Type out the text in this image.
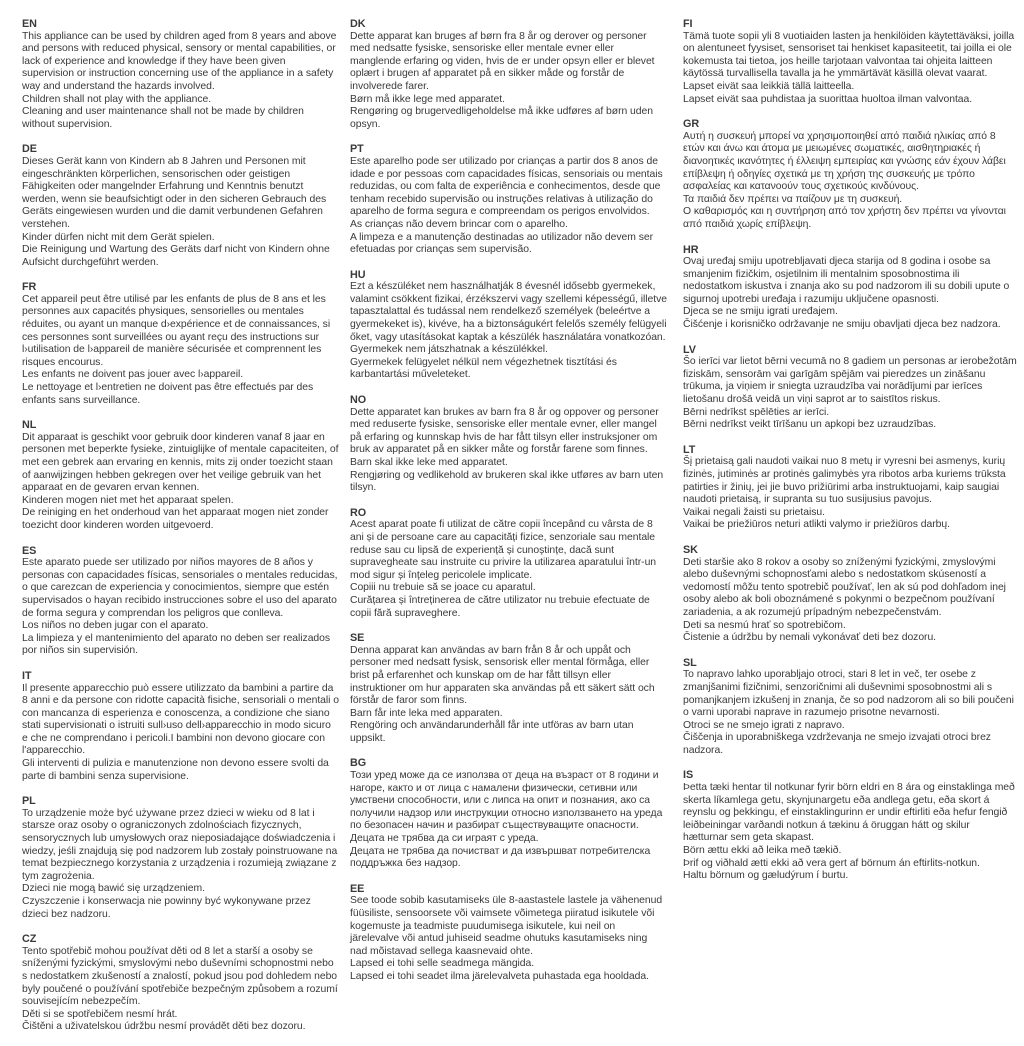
EN

This appliance can be used by children aged from 8 years and above and persons with reduced physical, sensory or mental capabilities, or lack of experience and knowledge if they have been given supervision or instruction concerning use of the appliance in a safety way and understand the hazards involved.

Children shall not play with the appliance.

Cleaning and user maintenance shall not be made by children without supervision.

DE

Dieses Gerät kann von Kindern ab 8 Jahren und Personen mit eingeschränkten körperlichen, sensorischen oder geistigen Fähigkeiten oder mangelnder Erfahrung und Kenntnis benutzt werden, wenn sie beaufsichtigt oder in den sicheren Gebrauch des Geräts eingewiesen wurden und die damit verbundenen Gefahren verstehen.

Kinder dürfen nicht mit dem Gerät spielen.

Die Reinigung und Wartung des Geräts darf nicht von Kindern ohne Aufsicht durchgeführt werden.

FR

Cet appareil peut être utilisé par les enfants de plus de 8 ans et les personnes aux capacités physiques, sensorielles ou mentales réduites, ou ayant un manque d›expérience et de connaissances, si ces personnes sont surveillées ou ayant reçu des instructions sur l›utilisation de l›appareil de manière sécurisée et comprennent les risques encourus.

Les enfants ne doivent pas jouer avec l›appareil.

Le nettoyage et l›entretien ne doivent pas être effectués par des enfants sans surveillance.

NL

Dit apparaat is geschikt voor gebruik door kinderen vanaf 8 jaar en personen met beperkte fysieke, zintuiglijke of mentale capaciteiten, of met een gebrek aan ervaring en kennis, mits zij onder toezicht staan of aanwijzingen hebben gekregen over het veilige gebruik van het apparaat en de gevaren ervan kennen.

Kinderen mogen niet met het apparaat spelen.

De reiniging en het onderhoud van het apparaat mogen niet zonder toezicht door kinderen worden uitgevoerd.

ES

Este aparato puede ser utilizado por niños mayores de 8 años y personas con capacidades físicas, sensoriales o mentales reducidas, o que carezcan de experiencia y conocimientos, siempre que estén supervisados o hayan recibido instrucciones sobre el uso del aparato de forma segura y comprendan los peligros que conlleva.

Los niños no deben jugar con el aparato.

La limpieza y el mantenimiento del aparato no deben ser realizados por niños sin supervisión.

IT

Il presente apparecchio può essere utilizzato da bambini a partire da 8 anni e da persone con ridotte capacità fisiche, sensoriali o mentali o con mancanza di esperienza e conoscenza, a condizione che siano stati supervisionati o istruiti sull›uso dell›apparecchio in modo sicuro e che ne comprendano i pericoli.I bambini non devono giocare con l'apparecchio.

Gli interventi di pulizia e manutenzione non devono essere svolti da parte di bambini senza supervisione.

PL

To urządzenie może być używane przez dzieci w wieku od 8 lat i starsze oraz osoby o ograniczonych zdolnościach fizycznych, sensorycznych lub umysłowych oraz nieposiadające doświadczenia i wiedzy, jeśli znajdują się pod nadzorem lub zostały poinstruowane na temat bezpiecznego korzystania z urządzenia i rozumieją związane z tym zagrożenia.

Dzieci nie mogą bawić się urządzeniem.

Czyszczenie i konserwacja nie powinny być wykonywane przez dzieci bez nadzoru.

CZ

Tento spotřebič mohou používat děti od 8 let a starší a osoby se sníženými fyzickými, smyslovými nebo duševními schopnostmi nebo s nedostatkem zkušeností a znalostí, pokud jsou pod dohledem nebo byly poučené o používání spotřebiče bezpečným způsobem a rozumí souvisejícím nebezpečím.

Děti si se spotřebičem nesmí hrát.

Čištěni a uživatelskou údržbu nesmí provádět děti bez dozoru.

DK

Dette apparat kan bruges af børn fra 8 år og derover og personer med nedsatte fysiske, sensoriske eller mentale evner eller manglende erfaring og viden, hvis de er under opsyn eller er blevet oplært i brugen af apparatet på en sikker måde og forstår de involverede farer.

Børn må ikke lege med apparatet.

Rengøring og brugervedligeholdelse må ikke udføres af børn uden opsyn.

PT

Este aparelho pode ser utilizado por crianças a partir dos 8 anos de idade e por pessoas com capacidades físicas, sensoriais ou mentais reduzidas, ou com falta de experiência e conhecimentos, desde que tenham recebido supervisão ou instruções relativas à utilização do aparelho de forma segura e compreendam os perigos envolvidos.

As crianças não devem brincar com o aparelho.

A limpeza e a manutenção destinadas ao utilizador não devem ser efetuadas por crianças sem supervisão.

HU

Ezt a készüléket nem használhatják 8 évesnél idősebb gyermekek, valamint csökkent fizikai, érzékszervi vagy szellemi képességű, illetve tapasztalattal és tudással nem rendelkező személyek (beleértve a gyermekeket is), kivéve, ha a biztonságukért felelős személy felügyeli őket, vagy utasításokat kaptak a készülék használatára vonatkozóan.

Gyermekek nem játszhatnak a készülékkel.

Gyermekek felügyelet nélkül nem végezhetnek tisztítási és karbantartási műveleteket.

NO

Dette apparatet kan brukes av barn fra 8 år og oppover og personer med reduserte fysiske, sensoriske eller mentale evner, eller mangel på erfaring og kunnskap hvis de har fått tilsyn eller instruksjoner om bruk av apparatet på en sikker måte og forstår farene som finnes.

Barn skal ikke leke med apparatet.

Rengjøring og vedlikehold av brukeren skal ikke utføres av barn uten tilsyn.

RO

Acest aparat poate fi utilizat de către copii începând cu vârsta de 8 ani și de persoane care au capacități fizice, senzoriale sau mentale reduse sau cu lipsă de experiență și cunoștințe, dacă sunt supravegheate sau instruite cu privire la utilizarea aparatului într-un mod sigur și înțeleg pericolele implicate.

Copiii nu trebuie să se joace cu aparatul.

Curățarea și întreținerea de către utilizator nu trebuie efectuate de copii fără supraveghere.

SE

Denna apparat kan användas av barn från 8 år och uppåt och personer med nedsatt fysisk, sensorisk eller mental förmåga, eller brist på erfarenhet och kunskap om de har fått tillsyn eller instruktioner om hur apparaten ska användas på ett säkert sätt och förstår de faror som finns.

Barn får inte leka med apparaten.

Rengöring och användarunderhåll får inte utföras av barn utan uppsikt.

BG

Този уред може да се използва от деца на възраст от 8 години и нагоре, както и от лица с намалени физически, сетивни или умствени способности, или с липса на опит и познания, ако са получили надзор или инструкции относно използването на уреда по безопасен начин и разбират съществуващите опасности.

Децата не трябва да си играят с уреда.

Децата не трябва да почистват и да извършват потребителска поддръжка без надзор.

EE

See toode sobib kasutamiseks üle 8-aastastele lastele ja vähenenud füüsiliste, sensoorsete või vaimsete võimetega piiratud isikutele või kogemuste ja teadmiste puudumisega isikutele, kui neil on järelevalve või antud juhiseid seadme ohutuks kasutamiseks ning nad mõistavad sellega kaasnevaid ohte.

Lapsed ei tohi selle seadmega mängida.

Lapsed ei tohi seadet ilma järelevalveta puhastada ega hooldada.

FI

Tämä tuote sopii yli 8 vuotiaiden lasten ja henkilöiden käytettäväksi, joilla on alentuneet fyysiset, sensoriset tai henkiset kapasiteetit, tai joilla ei ole kokemusta tai tietoa, jos heille tarjotaan valvontaa tai ohjeita laitteen käytössä turvallisella tavalla ja he ymmärtävät käsillä olevat vaarat.

Lapset eivät saa leikkiä tällä laitteella.

Lapset eivät saa puhdistaa ja suorittaa huoltoa ilman valvontaa.

GR

Αυτή η συσκευή μπορεί να χρησιμοποιηθεί από παιδιά ηλικίας από 8 ετών και άνω και άτομα με μειωμένες σωματικές, αισθητηριακές ή διανοητικές ικανότητες ή έλλειψη εμπειρίας και γνώσης εάν έχουν λάβει επίβλεψη ή οδηγίες σχετικά με τη χρήση της συσκευής με τρόπο ασφαλείας και κατανοούν τους σχετικούς κινδύνους.

Τα παιδιά δεν πρέπει να παίζουν με τη συσκευή.

Ο καθαρισμός και η συντήρηση από τον χρήστη δεν πρέπει να γίνονται από παιδιά χωρίς επίβλεψη.

HR

Ovaj uređaj smiju upotrebljavati djeca starija od 8 godina i osobe sa smanjenim fizičkim, osjetilnim ili mentalnim sposobnostima ili nedostatkom iskustva i znanja ako su pod nadzorom ili su dobili upute o sigurnoj upotrebi uređaja i razumiju uključene opasnosti.

Djeca se ne smiju igrati uređajem.

Čišćenje i korisničko održavanje ne smiju obavljati djeca bez nadzora.

LV

Šo ierīci var lietot bērni vecumā no 8 gadiem un personas ar ierobežotām fiziskām, sensorām vai garīgām spējām vai pieredzes un zināšanu trūkuma, ja viņiem ir sniegta uzraudzība vai norādījumi par ierīces lietošanu drošā veidā un viņi saprot ar to saistītos riskus.

Bērni nedrīkst spēlēties ar ierīci.

Bērni nedrīkst veikt tīrīšanu un apkopi bez uzraudzības.

LT

Šį prietaisą gali naudoti vaikai nuo 8 metų ir vyresni bei asmenys, kurių fizinės, jutiminės ar protinės galimybės yra ribotos arba kuriems trūksta patirties ir žinių, jei jie buvo prižiūrimi arba instruktuojami, kaip saugiai naudoti prietaisą, ir supranta su tuo susijusius pavojus.

Vaikai negali žaisti su prietaisu.

Vaikai be priežiūros neturi atlikti valymo ir priežiūros darbų.

SK

Deti staršie ako 8 rokov a osoby so zníženými fyzickými, zmyslovými alebo duševnými schopnosťami alebo s nedostatkom skúseností a vedomostí môžu tento spotrebič používať, len ak sú pod dohľadom inej osoby alebo ak boli oboznámené s pokynmi o bezpečnom používaní zariadenia, a ak rozumejú prípadným nebezpečenstvám.

Deti sa nesmú hrať so spotrebičom.

Čistenie a údržbu by nemali vykonávať deti bez dozoru.

SL

To napravo lahko uporabljajo otroci, stari 8 let in več, ter osebe z zmanjšanimi fizičnimi, senzoričnimi ali duševnimi sposobnostmi ali s pomanjkanjem izkušenj in znanja, če so pod nadzorom ali so bili poučeni o varni uporabi naprave in razumejo prisotne nevarnosti.

Otroci se ne smejo igrati z napravo.

Čiščenja in uporabniškega vzdrževanja ne smejo izvajati otroci brez nadzora.

IS

Þetta tæki hentar til notkunar fyrir börn eldri en 8 ára og einstaklinga með skerta líkamlega getu, skynjunargetu eða andlega getu, eða skort á reynslu og þekkingu, ef einstaklingurinn er undir eftirliti eða hefur fengið leiðbeiningar varðandi notkun á tækinu á öruggan hátt og skilur hætturnar sem geta skapast.

Börn ættu ekki að leika með tækið.

Þrif og viðhald ætti ekki að vera gert af börnum án eftirlits-notkun.

Haltu börnum og gæludýrum í burtu.
